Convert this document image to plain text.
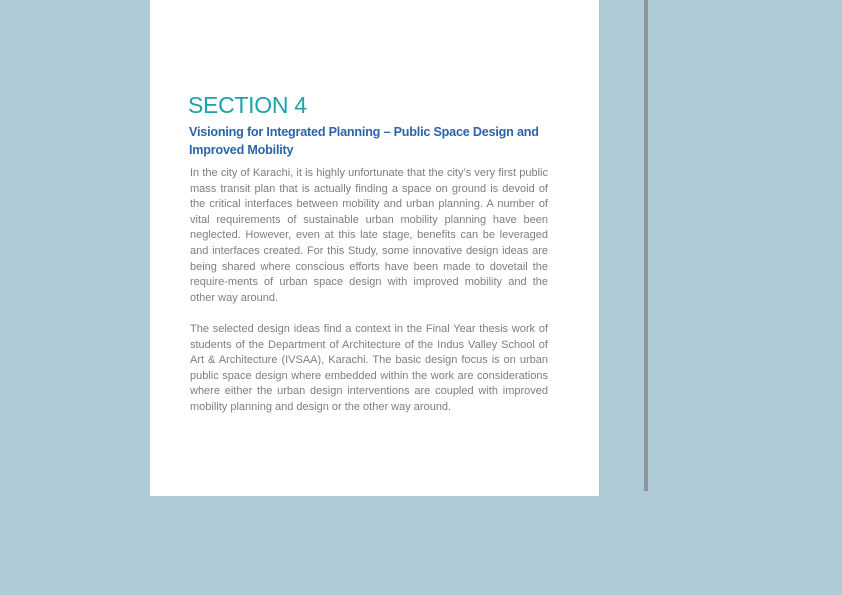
SECTION 4
Visioning for Integrated Planning – Public Space Design and Improved Mobility

In the city of Karachi, it is highly unfortunate that the city’s very first public mass transit plan that is actually finding a space on ground is devoid of the critical interfaces between mobility and urban planning. A number of vital requirements of sustainable urban mobility planning have been neglected. However, even at this late stage, benefits can be leveraged and interfaces created. For this Study, some innovative design ideas are being shared where conscious efforts have been made to dovetail the require-ments of urban space design with improved mobility and the other way around.

The selected design ideas find a context in the Final Year thesis work of students of the Department of Architecture of the Indus Valley School of Art & Architecture (IVSAA), Karachi. The basic design focus is on urban public space design where embedded within the work are considerations where either the urban design interventions are coupled with improved mobility planning and design or the other way around.
